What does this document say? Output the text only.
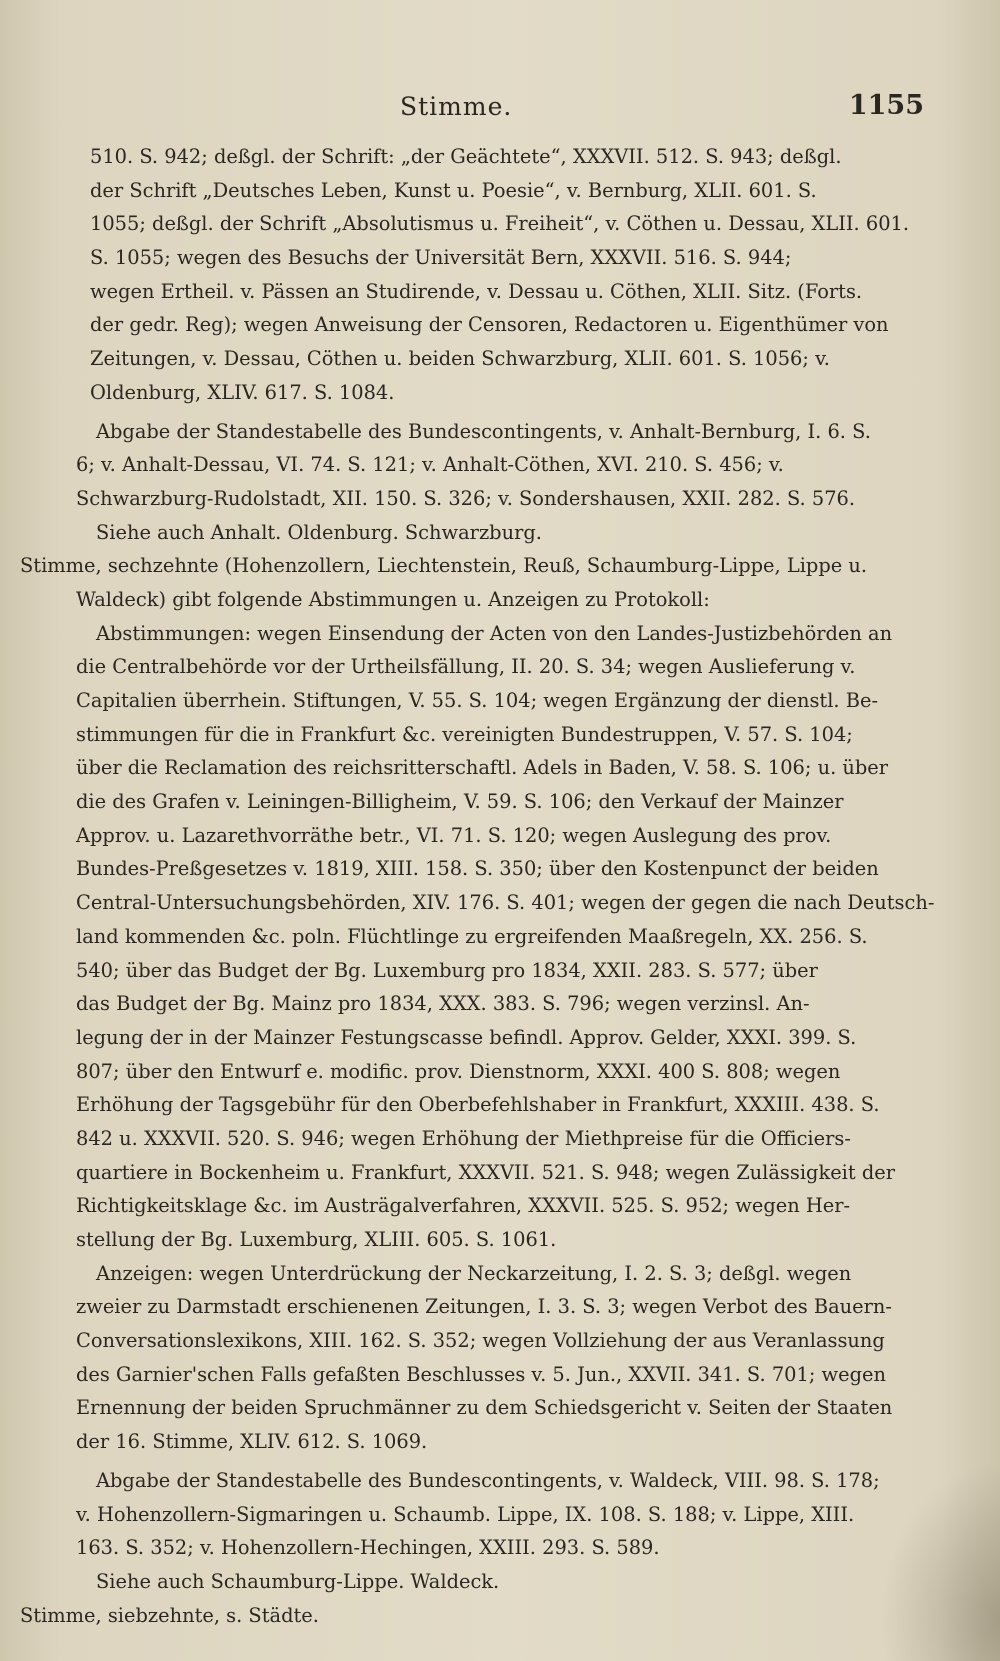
Stimme.	1155
510. S. 942; deßgl. der Schrift: „der Geächtete“, XXXVII. 512. S. 943; deßgl.
der Schrift „Deutsches Leben, Kunst u. Poesie“, v. Bernburg, XLII. 601. S.
1055; deßgl. der Schrift „Absolutismus u. Freiheit“, v. Cöthen u. Dessau, XLII. 601.
S. 1055; wegen des Besuchs der Universität Bern, XXXVII. 516. S. 944;
wegen Ertheil. v. Pässen an Studirende, v. Dessau u. Cöthen, XLII. Sitz. (Forts.
der gedr. Reg); wegen Anweisung der Censoren, Redactoren u. Eigenthümer von
Zeitungen, v. Dessau, Cöthen u. beiden Schwarzburg, XLII. 601. S. 1056; v.
Oldenburg, XLIV. 617. S. 1084.
Abgabe der Standestabelle des Bundescontingents, v. Anhalt-Bernburg, I. 6. S.
6; v. Anhalt-Dessau, VI. 74. S. 121; v. Anhalt-Cöthen, XVI. 210. S. 456; v.
Schwarzburg-Rudolstadt, XII. 150. S. 326; v. Sondershausen, XXII. 282. S. 576.
Siehe auch Anhalt. Oldenburg. Schwarzburg.
Stimme, sechzehnte (Hohenzollern, Liechtenstein, Reuß, Schaumburg-Lippe, Lippe u.
Waldeck) gibt folgende Abstimmungen u. Anzeigen zu Protokoll:
Abstimmungen: wegen Einsendung der Acten von den Landes-Justizbehörden an
die Centralbehörde vor der Urtheilsfällung, II. 20. S. 34; wegen Auslieferung v.
Capitalien überrhein. Stiftungen, V. 55. S. 104; wegen Ergänzung der dienstl. Be-
stimmungen für die in Frankfurt &c. vereinigten Bundestruppen, V. 57. S. 104;
über die Reclamation des reichsritterschaftl. Adels in Baden, V. 58. S. 106; u. über
die des Grafen v. Leiningen-Billigheim, V. 59. S. 106; den Verkauf der Mainzer
Approv. u. Lazarethvorräthe betr., VI. 71. S. 120; wegen Auslegung des prov.
Bundes-Preßgesetzes v. 1819, XIII. 158. S. 350; über den Kostenpunct der beiden
Central-Untersuchungsbehörden, XIV. 176. S. 401; wegen der gegen die nach Deutsch-
land kommenden &c. poln. Flüchtlinge zu ergreifenden Maaßregeln, XX. 256. S.
540; über das Budget der Bg. Luxemburg pro 1834, XXII. 283. S. 577; über
das Budget der Bg. Mainz pro 1834, XXX. 383. S. 796; wegen verzinsl. An-
legung der in der Mainzer Festungscasse befindl. Approv. Gelder, XXXI. 399. S.
807; über den Entwurf e. modific. prov. Dienstnorm, XXXI. 400 S. 808; wegen
Erhöhung der Tagsgebühr für den Oberbefehlshaber in Frankfurt, XXXIII. 438. S.
842 u. XXXVII. 520. S. 946; wegen Erhöhung der Miethpreise für die Officiers-
quartiere in Bockenheim u. Frankfurt, XXXVII. 521. S. 948; wegen Zulässigkeit der
Richtigkeitsklage &c. im Austrägalverfahren, XXXVII. 525. S. 952; wegen Her-
stellung der Bg. Luxemburg, XLIII. 605. S. 1061.
Anzeigen: wegen Unterdrückung der Neckarzeitung, I. 2. S. 3; deßgl. wegen
zweier zu Darmstadt erschienenen Zeitungen, I. 3. S. 3; wegen Verbot des Bauern-
Conversationslexikons, XIII. 162. S. 352; wegen Vollziehung der aus Veranlassung
des Garnier'schen Falls gefaßten Beschlusses v. 5. Jun., XXVII. 341. S. 701; wegen
Ernennung der beiden Spruchmänner zu dem Schiedsgericht v. Seiten der Staaten
der 16. Stimme, XLIV. 612. S. 1069.
Abgabe der Standestabelle des Bundescontingents, v. Waldeck, VIII. 98. S. 178;
v. Hohenzollern-Sigmaringen u. Schaumb. Lippe, IX. 108. S. 188; v. Lippe, XIII.
163. S. 352; v. Hohenzollern-Hechingen, XXIII. 293. S. 589.
Siehe auch Schaumburg-Lippe. Waldeck.
Stimme, siebzehnte, s. Städte.
